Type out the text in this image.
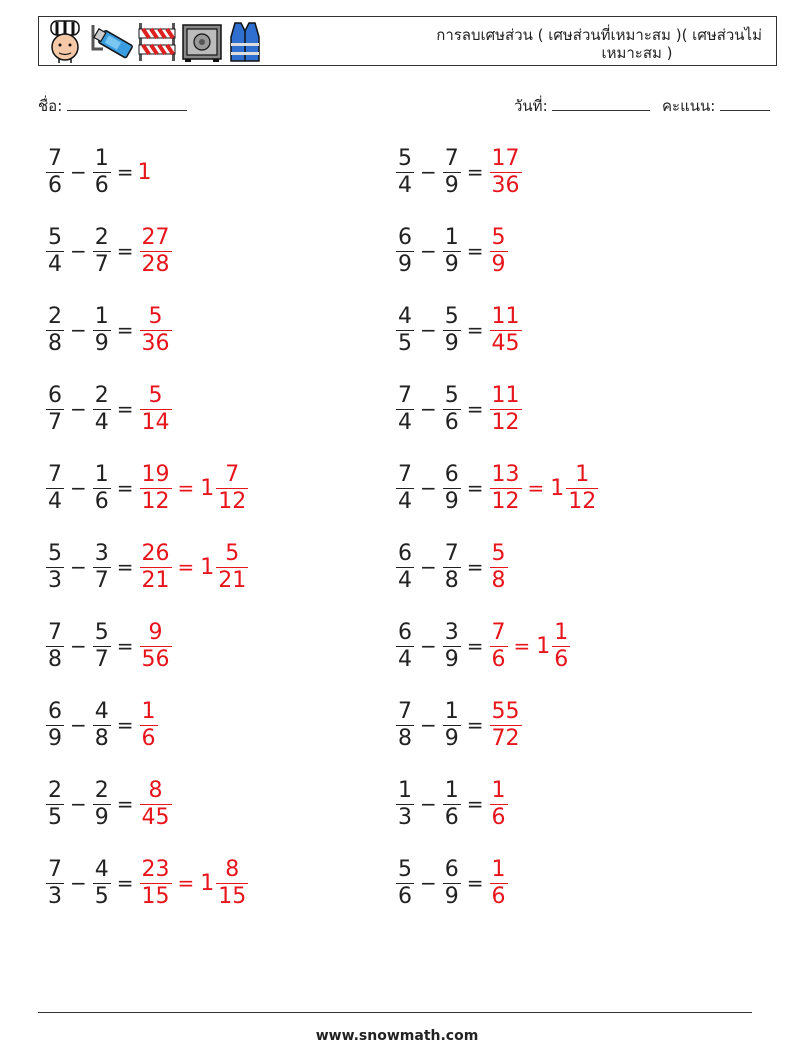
การลบเศษส่วน ( เศษส่วนที่เหมาะสม )( เศษส่วนไม่
เหมาะสม )
ชื่อ:	วันที่:	คะแนน:
$\frac{7}{6} - \frac{1}{6} = 1$	$\frac{5}{4} - \frac{7}{9} = \frac{17}{36}$
$\frac{5}{4} - \frac{2}{7} = \frac{27}{28}$	$\frac{6}{9} - \frac{1}{9} = \frac{5}{9}$
$\frac{2}{8} - \frac{1}{9} = \frac{5}{36}$	$\frac{4}{5} - \frac{5}{9} = \frac{11}{45}$
$\frac{6}{7} - \frac{2}{4} = \frac{5}{14}$	$\frac{7}{4} - \frac{5}{6} = \frac{11}{12}$
$\frac{7}{4} - \frac{1}{6} = \frac{19}{12} = 1 \frac{7}{12}$	$\frac{7}{4} - \frac{6}{9} = \frac{13}{12} = 1 \frac{1}{12}$
$\frac{5}{3} - \frac{3}{7} = \frac{26}{21} = 1 \frac{5}{21}$	$\frac{6}{4} - \frac{7}{8} = \frac{5}{8}$
$\frac{7}{8} - \frac{5}{7} = \frac{9}{56}$	$\frac{6}{4} - \frac{3}{9} = \frac{7}{6} = 1 \frac{1}{6}$
$\frac{6}{9} - \frac{4}{8} = \frac{1}{6}$	$\frac{7}{8} - \frac{1}{9} = \frac{55}{72}$
$\frac{2}{5} - \frac{2}{9} = \frac{8}{45}$	$\frac{1}{3} - \frac{1}{6} = \frac{1}{6}$
$\frac{7}{3} - \frac{4}{5} = \frac{23}{15} = 1 \frac{8}{15}$	$\frac{5}{6} - \frac{6}{9} = \frac{1}{6}$
www.snowmath.com
